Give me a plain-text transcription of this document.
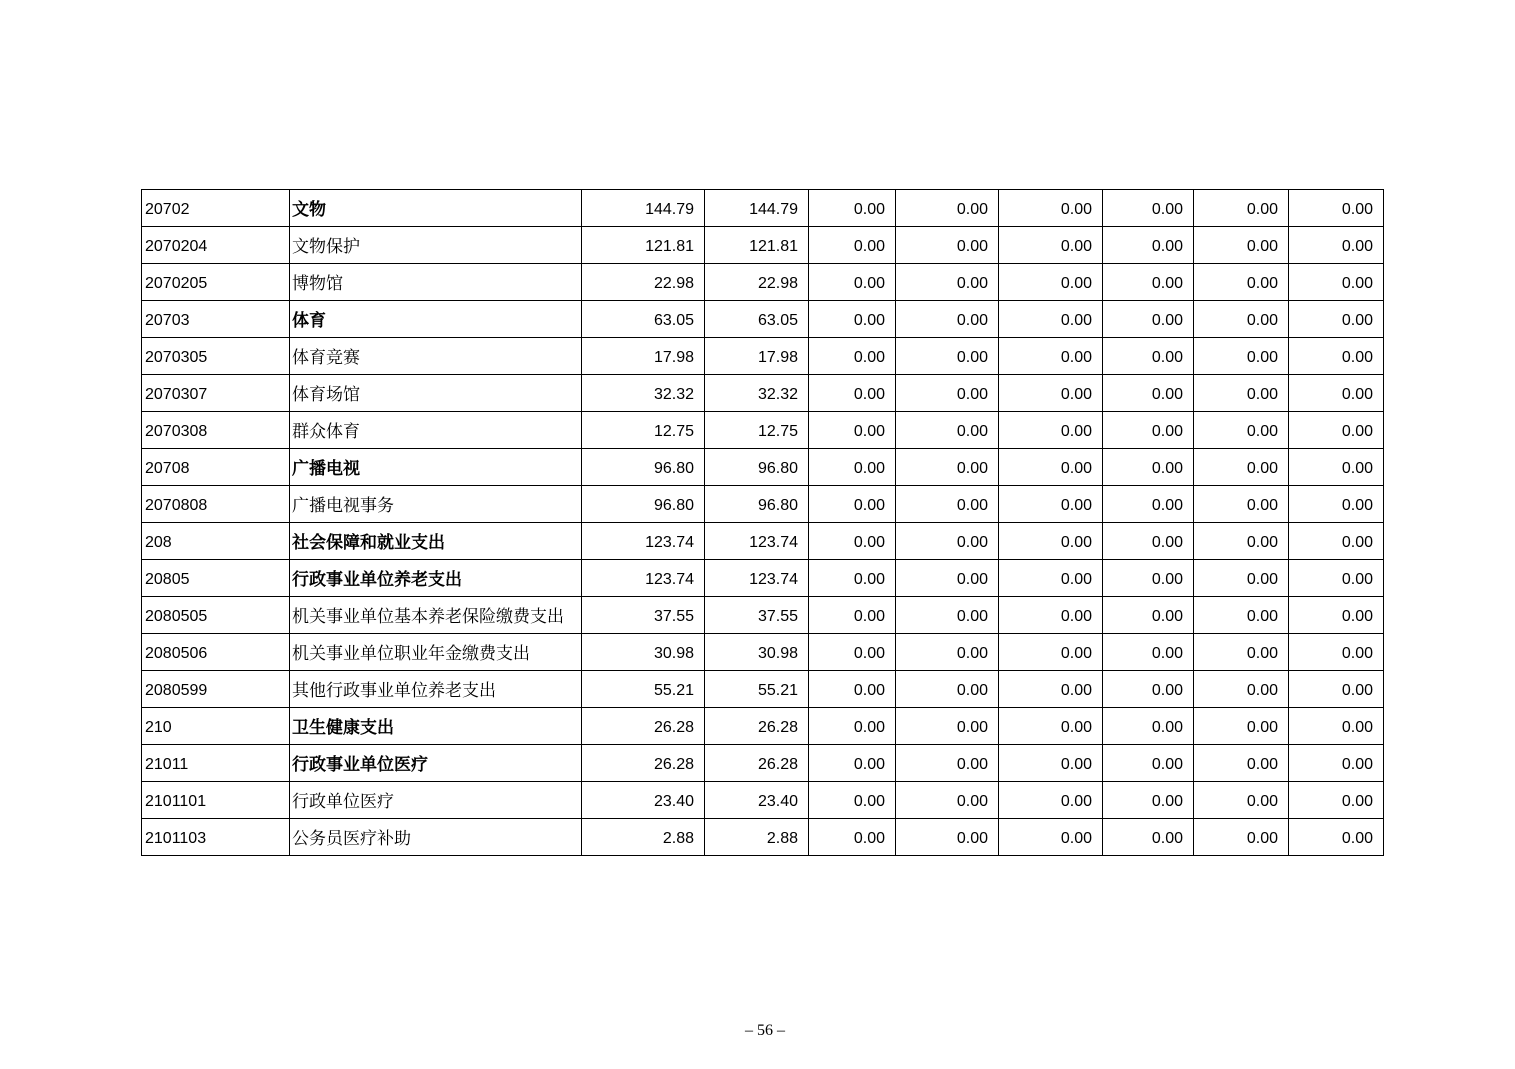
20702	文物	144.79	144.79	0.00	0.00	0.00	0.00	0.00	0.00
2070204	文物保护	121.81	121.81	0.00	0.00	0.00	0.00	0.00	0.00
2070205	博物馆	22.98	22.98	0.00	0.00	0.00	0.00	0.00	0.00
20703	体育	63.05	63.05	0.00	0.00	0.00	0.00	0.00	0.00
2070305	体育竞赛	17.98	17.98	0.00	0.00	0.00	0.00	0.00	0.00
2070307	体育场馆	32.32	32.32	0.00	0.00	0.00	0.00	0.00	0.00
2070308	群众体育	12.75	12.75	0.00	0.00	0.00	0.00	0.00	0.00
20708	广播电视	96.80	96.80	0.00	0.00	0.00	0.00	0.00	0.00
2070808	广播电视事务	96.80	96.80	0.00	0.00	0.00	0.00	0.00	0.00
208	社会保障和就业支出	123.74	123.74	0.00	0.00	0.00	0.00	0.00	0.00
20805	行政事业单位养老支出	123.74	123.74	0.00	0.00	0.00	0.00	0.00	0.00
2080505	机关事业单位基本养老保险缴费支出	37.55	37.55	0.00	0.00	0.00	0.00	0.00	0.00
2080506	机关事业单位职业年金缴费支出	30.98	30.98	0.00	0.00	0.00	0.00	0.00	0.00
2080599	其他行政事业单位养老支出	55.21	55.21	0.00	0.00	0.00	0.00	0.00	0.00
210	卫生健康支出	26.28	26.28	0.00	0.00	0.00	0.00	0.00	0.00
21011	行政事业单位医疗	26.28	26.28	0.00	0.00	0.00	0.00	0.00	0.00
2101101	行政单位医疗	23.40	23.40	0.00	0.00	0.00	0.00	0.00	0.00
2101103	公务员医疗补助	2.88	2.88	0.00	0.00	0.00	0.00	0.00	0.00
– 56 –
